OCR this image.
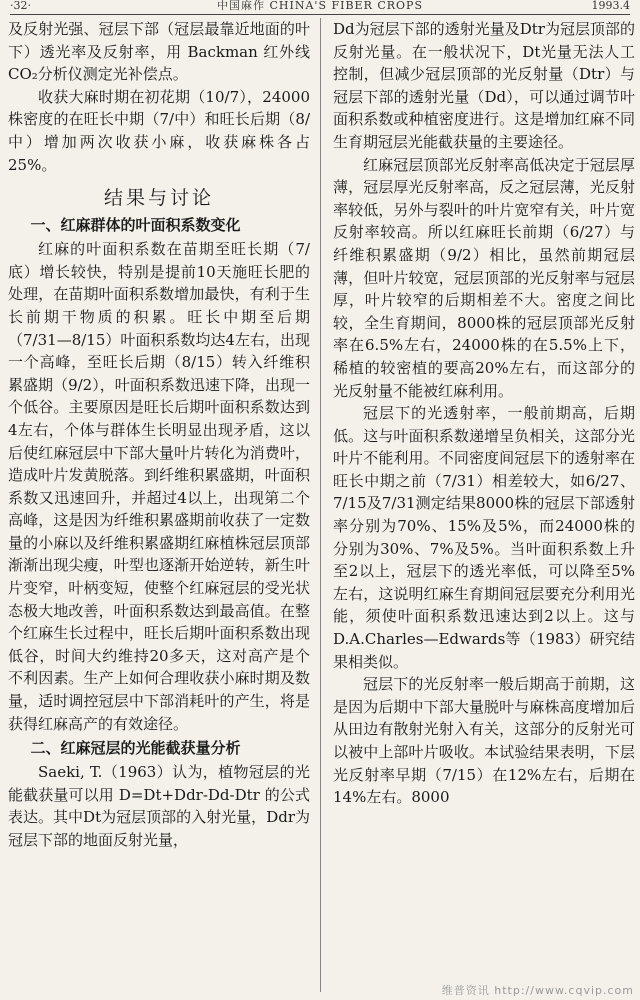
·32·	中国麻作 CHINA'S FIBER CROPS	1993.4

及反射光强、冠层下部（冠层最靠近地面的叶下）透光率及反射率，用 Backman 红外线CO₂分析仪测定光补偿点。

收获大麻时期在初花期（10/7），24000株密度的在旺长中期（7/中）和旺长后期（8/中）增加两次收获小麻，收获麻株各占25%。

结果与讨论
一、红麻群体的叶面积系数变化

红麻的叶面积系数在苗期至旺长期（7/底）增长较快，特别是提前10天施旺长肥的处理，在苗期叶面积系数增加最快，有利于生长前期干物质的积累。旺长中期至后期（7/31—8/15）叶面积系数均达4左右，出现一个高峰，至旺长后期（8/15）转入纤维积累盛期（9/2），叶面积系数迅速下降，出现一个低谷。主要原因是旺长后期叶面积系数达到4左右，个体与群体生长明显出现矛盾，这以后使红麻冠层中下部大量叶片转化为消费叶，造成叶片发黄脱落。到纤维积累盛期，叶面积系数又迅速回升，并超过4以上，出现第二个高峰，这是因为纤维积累盛期前收获了一定数量的小麻以及纤维积累盛期红麻植株冠层顶部渐渐出现尖瘦，叶型也逐渐开始逆转，新生叶片变窄，叶柄变短，使整个红麻冠层的受光状态极大地改善，叶面积系数达到最高值。在整个红麻生长过程中，旺长后期叶面积系数出现低谷，时间大约维持20多天，这对高产是个不利因素。生产上如何合理收获小麻时期及数量，适时调控冠层中下部消耗叶的产生，将是获得红麻高产的有效途径。

二、红麻冠层的光能截获量分析

Saeki, T.（1963）认为，植物冠层的光能截获量可以用 D=Dt+Ddr-Dd-Dtr 的公式表达。其中Dt为冠层顶部的入射光量，Ddr为冠层下部的地面反射光量，

Dd为冠层下部的透射光量及Dtr为冠层顶部的反射光量。在一般状况下，Dt光量无法人工控制，但减少冠层顶部的光反射量（Dtr）与冠层下部的透射光量（Dd），可以通过调节叶面积系数或种植密度进行。这是增加红麻不同生育期冠层光能截获量的主要途径。

红麻冠层顶部光反射率高低决定于冠层厚薄，冠层厚光反射率高，反之冠层薄，光反射率较低，另外与裂叶的叶片宽窄有关，叶片宽反射率较高。所以红麻旺长前期（6/27）与纤维积累盛期（9/2）相比，虽然前期冠层薄，但叶片较宽，冠层顶部的光反射率与冠层厚，叶片较窄的后期相差不大。密度之间比较，全生育期间，8000株的冠层顶部光反射率在6.5%左右，24000株的在5.5%上下，稀植的较密植的要高20%左右，而这部分的光反射量不能被红麻利用。

冠层下的光透射率，一般前期高，后期低。这与叶面积系数递增呈负相关，这部分光叶片不能利用。不同密度间冠层下的透射率在旺长中期之前（7/31）相差较大，如6/27、7/15及7/31测定结果8000株的冠层下部透射率分别为70%、15%及5%，而24000株的分别为30%、7%及5%。当叶面积系数上升至2以上，冠层下的透光率低，可以降至5%左右，这说明红麻生育期间冠层要充分利用光能，须使叶面积系数迅速达到2以上。这与D.A.Charles—Edwards等（1983）研究结果相类似。

冠层下的光反射率一般后期高于前期，这是因为后期中下部大量脱叶与麻株高度增加后从田边有散射光射入有关，这部分的反射光可以被中上部叶片吸收。本试验结果表明，下层光反射率早期（7/15）在12%左右，后期在14%左右。8000

维普资讯 http://www.cqvip.com
